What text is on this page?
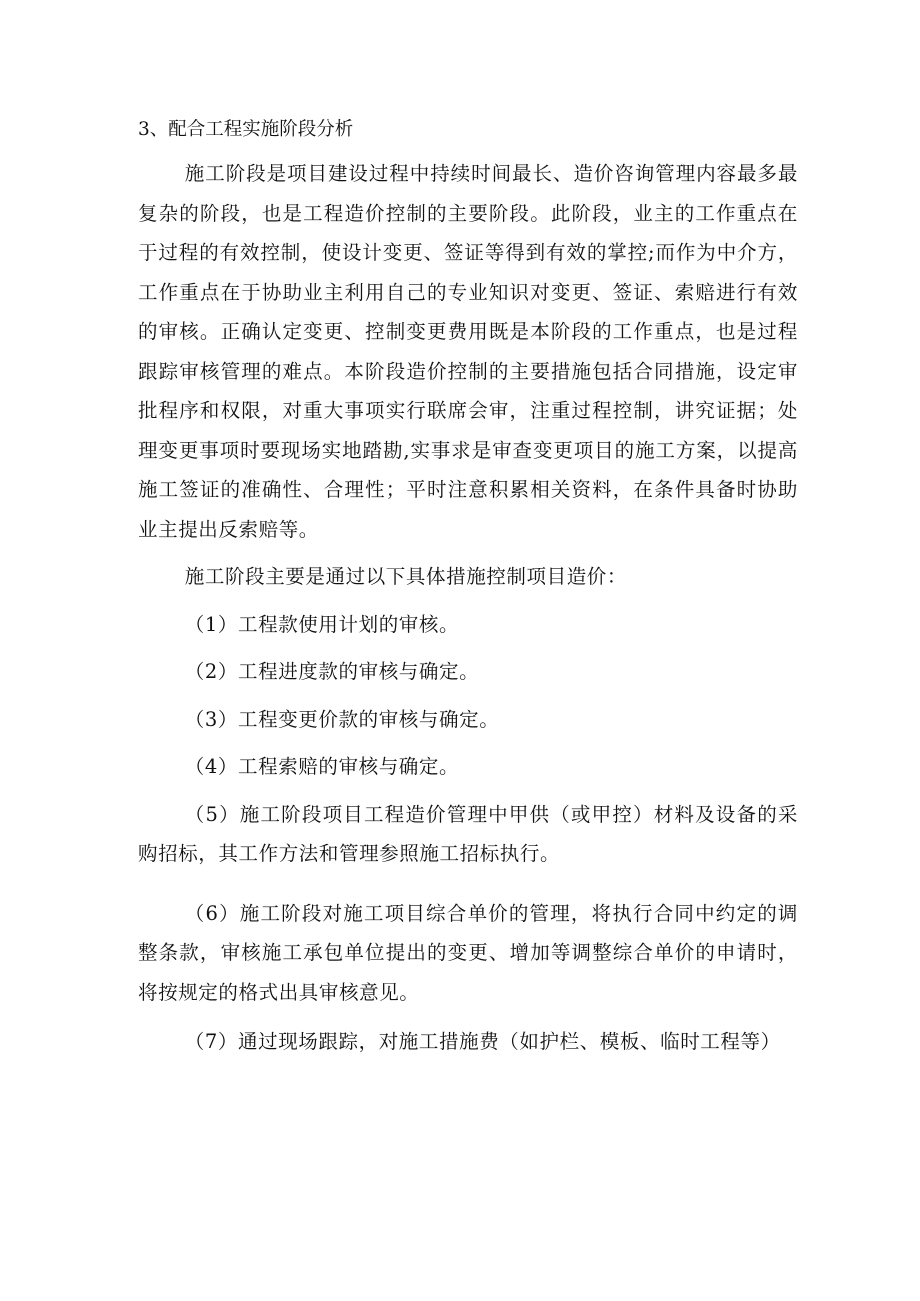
3、配合工程实施阶段分析

施工阶段是项目建设过程中持续时间最长、造价咨询管理内容最多最复杂的阶段，也是工程造价控制的主要阶段。此阶段，业主的工作重点在于过程的有效控制，使设计变更、签证等得到有效的掌控;而作为中介方，工作重点在于协助业主利用自己的专业知识对变更、签证、索赔进行有效的审核。正确认定变更、控制变更费用既是本阶段的工作重点，也是过程跟踪审核管理的难点。本阶段造价控制的主要措施包括合同措施，设定审批程序和权限，对重大事项实行联席会审，注重过程控制，讲究证据；处理变更事项时要现场实地踏勘,实事求是审查变更项目的施工方案，以提高施工签证的准确性、合理性；平时注意积累相关资料，在条件具备时协助业主提出反索赔等。

施工阶段主要是通过以下具体措施控制项目造价：

（1）工程款使用计划的审核。

（2）工程进度款的审核与确定。

（3）工程变更价款的审核与确定。

（4）工程索赔的审核与确定。

（5）施工阶段项目工程造价管理中甲供（或甲控）材料及设备的采购招标，其工作方法和管理参照施工招标执行。

（6）施工阶段对施工项目综合单价的管理，将执行合同中约定的调整条款，审核施工承包单位提出的变更、增加等调整综合单价的申请时，将按规定的格式出具审核意见。

（7）通过现场跟踪，对施工措施费（如护栏、模板、临时工程等）
